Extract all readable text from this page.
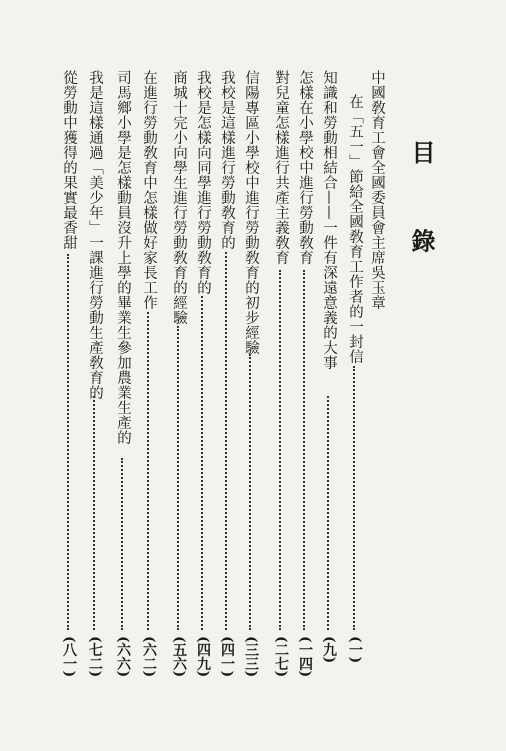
目 錄
中國敎育工會全國委員會主席吳玉章
在「五一」節給全國敎育工作者的一封信
(一)
知識和勞動相結合——一件有深遠意義的大事
(九)
怎樣在小學校中進行勞動敎育
(一四)
對兒童怎樣進行共產主義敎育
(二七)
信陽專區小學校中進行勞動敎育的初步經驗
(三三)
我校是這樣進行勞動敎育的
(四一)
我校是怎樣向同學進行勞動敎育的
(四九)
商城十完小向學生進行勞動敎育的經驗
(五六)
在進行勞動敎育中怎樣做好家長工作
(六二)
司馬鄉小學是怎樣動員沒升上學的畢業生參加農業生產的
(六六)
我是這樣通過「美少年」一課進行勞動生產敎育的
(七二)
從勞動中獲得的果實最香甜
(八一)
